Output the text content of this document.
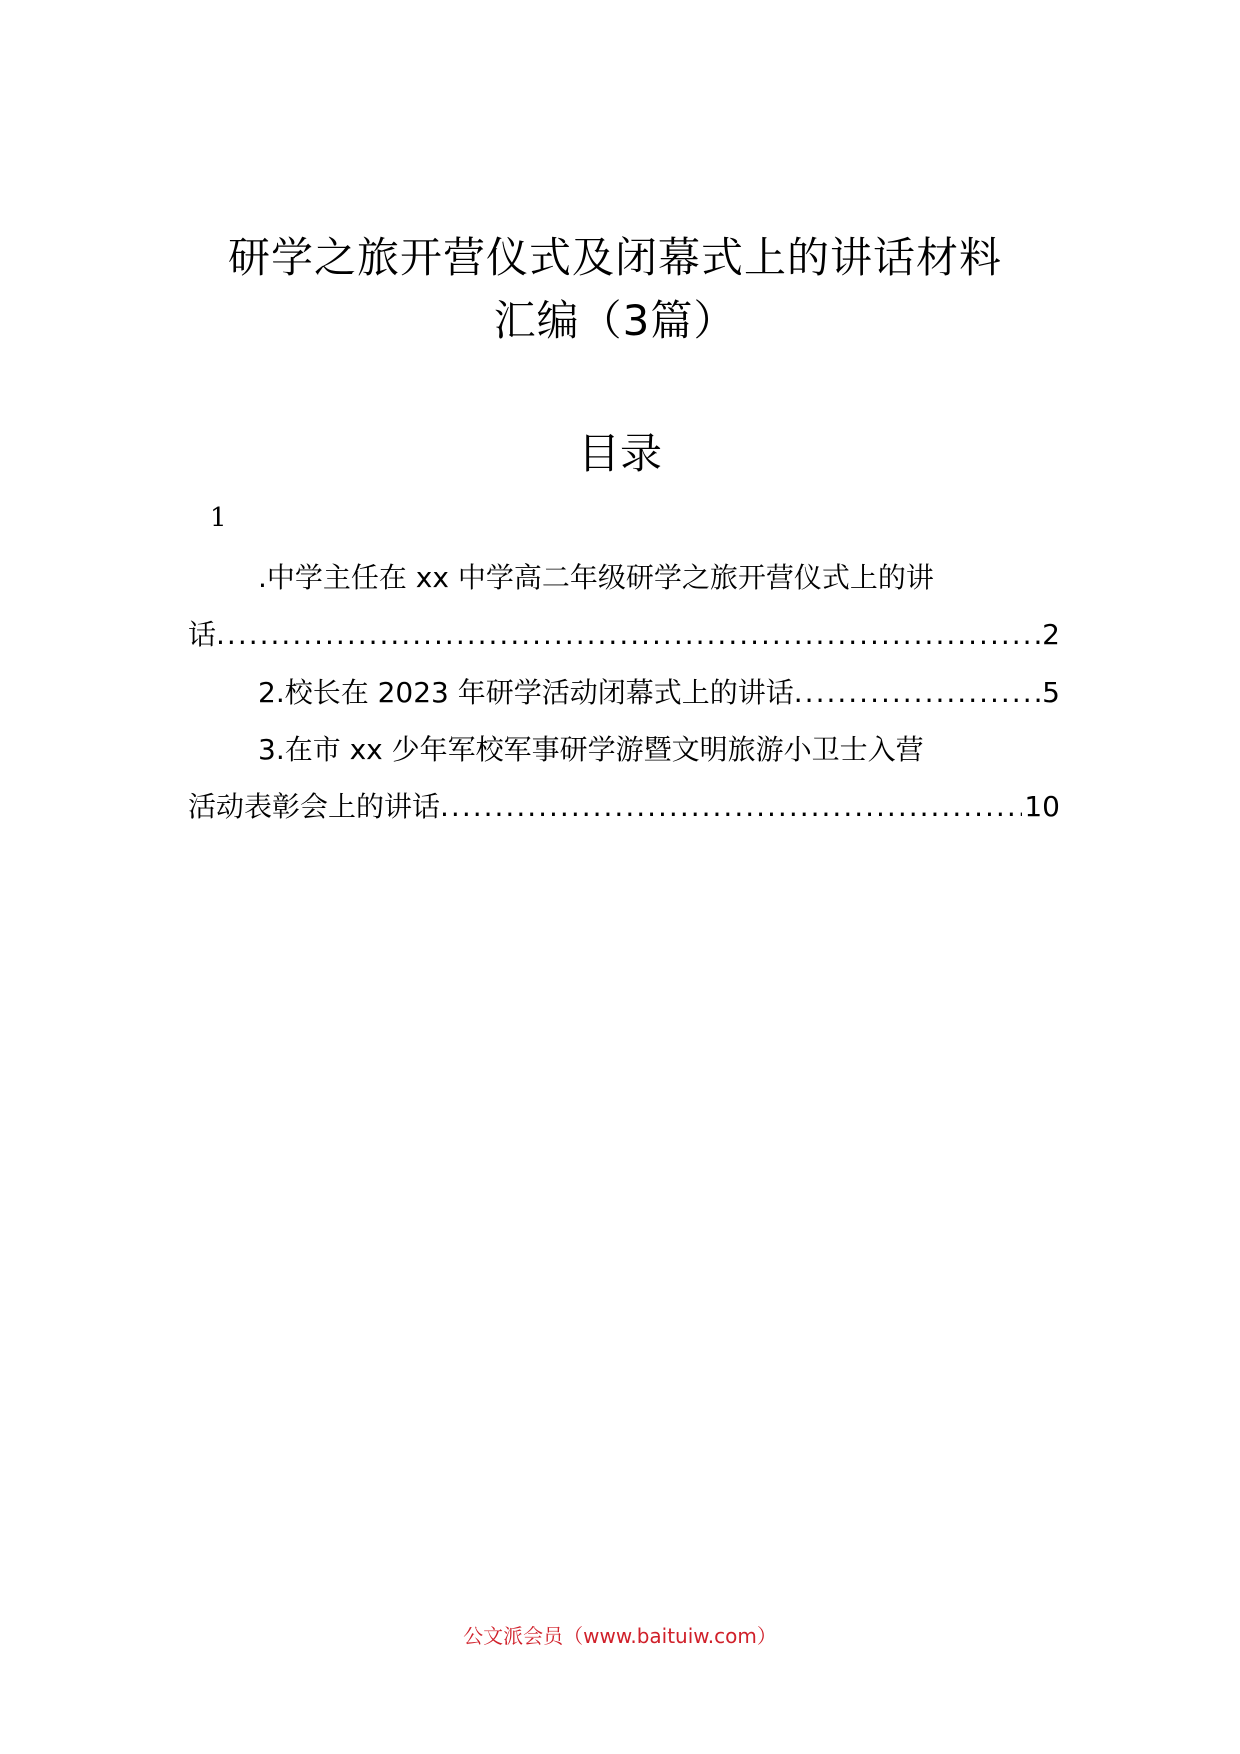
研学之旅开营仪式及闭幕式上的讲话材料
汇编（3篇）
目录
1
.中学主任在 xx 中学高二年级研学之旅开营仪式上的讲
话 .....	2
2.校长在 2023 年研学活动闭幕式上的讲话 .....	5
3.在市 xx 少年军校军事研学游暨文明旅游小卫士入营
活动表彰会上的讲话 .....	10
公文派会员（www.baituiw.com）
